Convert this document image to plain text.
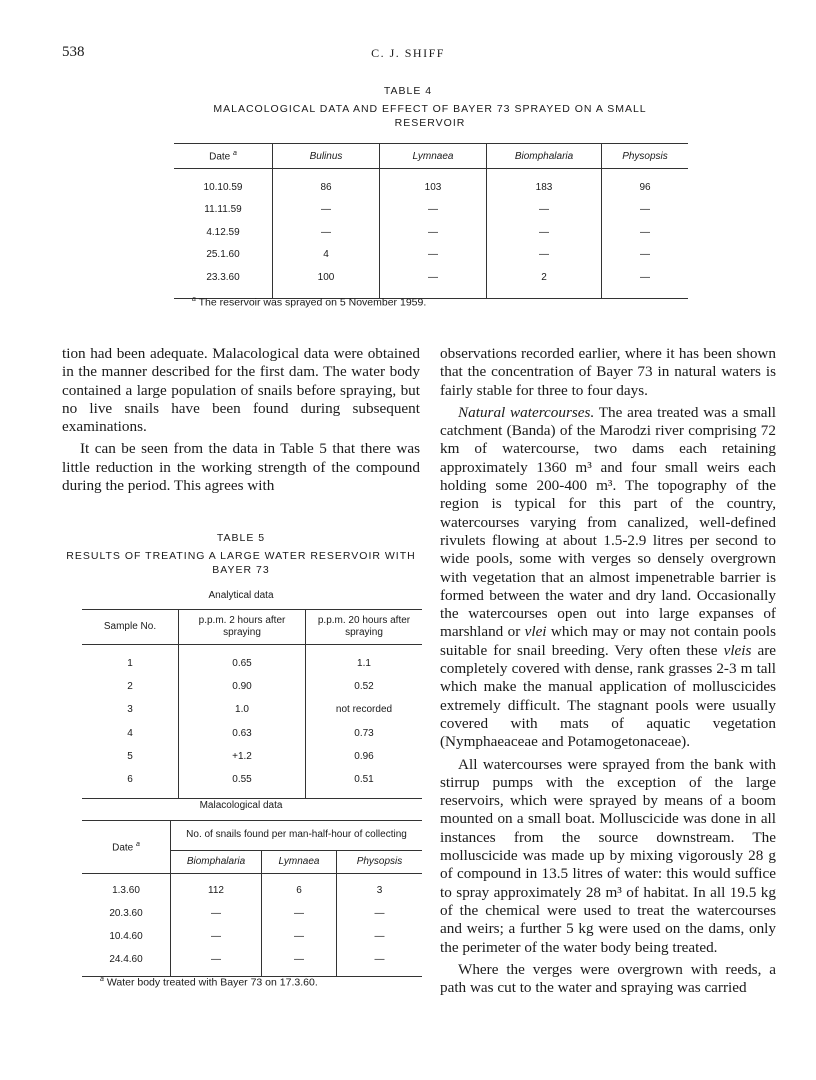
538	C. J. SHIFF
TABLE 4
MALACOLOGICAL DATA AND EFFECT OF BAYER 73 SPRAYED ON A SMALL RESERVOIR
Date $^a$	Bulinus	Lymnaea	Biomphalaria	Physopsis
10.10.59	86	103	183	96
11.11.59	—	—	—	—
4.12.59	—	—	—	—
25.1.60	4	—	—	—
23.3.60	100	—	2	—
$^a$ The reservoir was sprayed on 5 November 1959.

tion had been adequate. Malacological data were obtained in the manner described for the first dam. The water body contained a large population of snails before spraying, but no live snails have been found during subsequent examinations.

It can be seen from the data in Table 5 that there was little reduction in the working strength of the compound during the period. This agrees with

TABLE 5
RESULTS OF TREATING A LARGE WATER RESERVOIR WITH BAYER 73
Analytical data
Sample No.	p.p.m. 2 hours after spraying	p.p.m. 20 hours after spraying
1	0.65	1.1
2	0.90	0.52
3	1.0	not recorded
4	0.63	0.73
5	+1.2	0.96
6	0.55	0.51
Malacological data
Date $^a$	No. of snails found per man-half-hour of collecting		
	Biomphalaria	Lymnaea	Physopsis
1.3.60	112	6	3
20.3.60	—	—	—
10.4.60	—	—	—
24.4.60	—	—	—
$^a$ Water body treated with Bayer 73 on 17.3.60.

observations recorded earlier, where it has been shown that the concentration of Bayer 73 in natural waters is fairly stable for three to four days.

Natural watercourses. The area treated was a small catchment (Banda) of the Marodzi river comprising 72 km of watercourse, two dams each retaining approximately 1360 m³ and four small weirs each holding some 200-400 m³. The topography of the region is typical for this part of the country, watercourses varying from canalized, well-defined rivulets flowing at about 1.5-2.9 litres per second to wide pools, some with verges so densely overgrown with vegetation that an almost impenetrable barrier is formed between the water and dry land. Occasionally the watercourses open out into large expanses of marshland or vlei which may or may not contain pools suitable for snail breeding. Very often these vleis are completely covered with dense, rank grasses 2-3 m tall which make the manual application of molluscicides extremely difficult. The stagnant pools were usually covered with mats of aquatic vegetation (Nymphaeaceae and Potamogetonaceae).

All watercourses were sprayed from the bank with stirrup pumps with the exception of the large reservoirs, which were sprayed by means of a boom mounted on a small boat. Molluscicide was done in all instances from the source downstream. The molluscicide was made up by mixing vigorously 28 g of compound in 13.5 litres of water: this would suffice to spray approximately 28 m³ of habitat. In all 19.5 kg of the chemical were used to treat the watercourses and weirs; a further 5 kg were used on the dams, only the perimeter of the water body being treated.

Where the verges were overgrown with reeds, a path was cut to the water and spraying was carried
